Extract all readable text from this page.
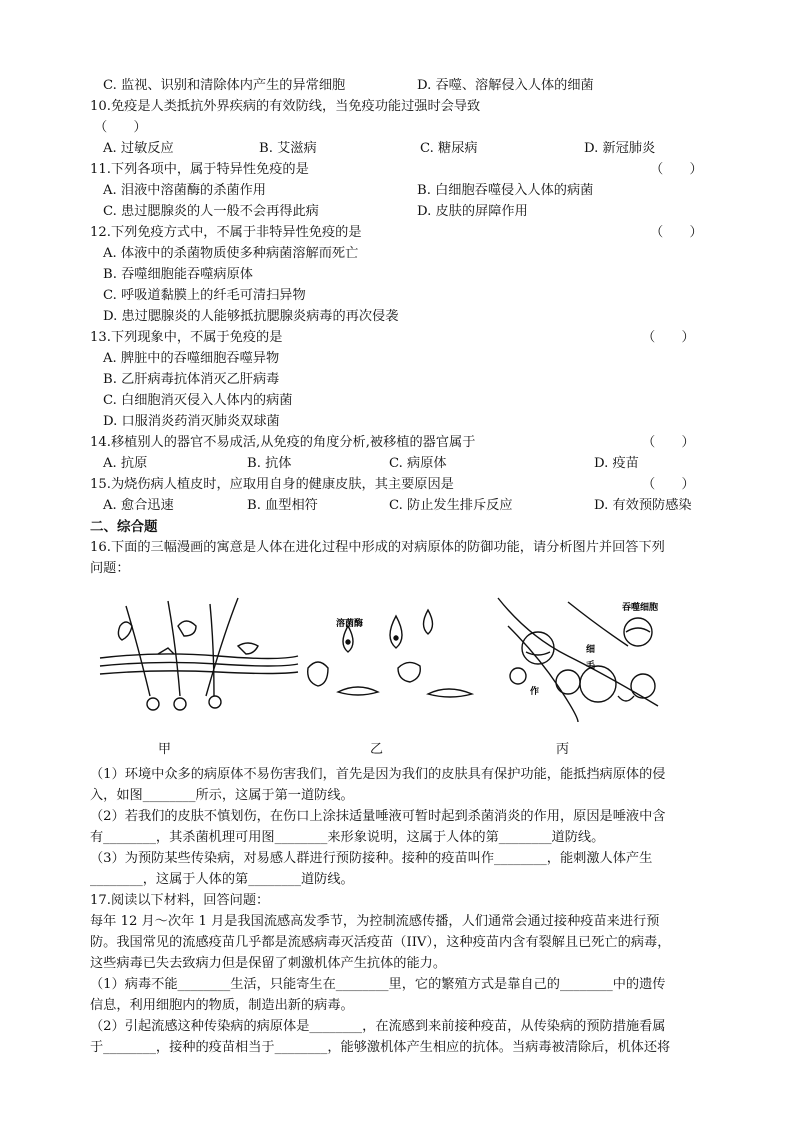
C. 监视、识别和清除体内产生的异常细胞	D. 吞噬、溶解侵入人体的细菌
10.免疫是人类抵抗外界疾病的有效防线，当免疫功能过强时会导致
（　　）
A. 过敏反应	B. 艾滋病	C. 糖尿病	D. 新冠肺炎
11.下列各项中，属于特异性免疫的是	（　　）
A. 泪液中溶菌酶的杀菌作用	B. 白细胞吞噬侵入人体的病菌
C. 患过腮腺炎的人一般不会再得此病	D. 皮肤的屏障作用
12.下列免疫方式中，不属于非特异性免疫的是	（　　）
A. 体液中的杀菌物质使多种病菌溶解而死亡
B. 吞噬细胞能吞噬病原体
C. 呼吸道黏膜上的纤毛可清扫异物
D. 患过腮腺炎的人能够抵抗腮腺炎病毒的再次侵袭
13.下列现象中，不属于免疫的是	（　　）
A. 脾脏中的吞噬细胞吞噬异物
B. 乙肝病毒抗体消灭乙肝病毒
C. 白细胞消灭侵入人体内的病菌
D. 口服消炎药消灭肺炎双球菌
14.移植别人的器官不易成活,从免疫的角度分析,被移植的器官属于	（　　）
A. 抗原	B. 抗体	C. 病原体	D. 疫苗
15.为烧伤病人植皮时，应取用自身的健康皮肤，其主要原因是	（　　）
A. 愈合迅速	B. 血型相符	C. 防止发生排斥反应	D. 有效预防感染
二、综合题
16.下面的三幅漫画的寓意是人体在进化过程中形成的对病原体的防御功能，请分析图片并回答下列
问题：
溶菌酶
吞噬细胞
细
毛
作
甲	乙	丙
（1）环境中众多的病原体不易伤害我们，首先是因为我们的皮肤具有保护功能，能抵挡病原体的侵
入，如图________所示，这属于第一道防线。
（2）若我们的皮肤不慎划伤，在伤口上涂抹适量唾液可暂时起到杀菌消炎的作用，原因是唾液中含
有________，其杀菌机理可用图________来形象说明，这属于人体的第________道防线。
（3）为预防某些传染病，对易感人群进行预防接种。接种的疫苗叫作________，能刺激人体产生
________，这属于人体的第________道防线。
17.阅读以下材料，回答问题：
每年 12 月～次年 1 月是我国流感高发季节，为控制流感传播，人们通常会通过接种疫苗来进行预
防。我国常见的流感疫苗几乎都是流感病毒灭活疫苗（IIV），这种疫苗内含有裂解且已死亡的病毒，
这些病毒已失去致病力但是保留了刺激机体产生抗体的能力。
（1）病毒不能________生活，只能寄生在________里，它的繁殖方式是靠自己的________中的遗传
信息，利用细胞内的物质，制造出新的病毒。
（2）引起流感这种传染病的病原体是________，在流感到来前接种疫苗，从传染病的预防措施看属
于________，接种的疫苗相当于________，能够激机体产生相应的抗体。当病毒被清除后，机体还将
